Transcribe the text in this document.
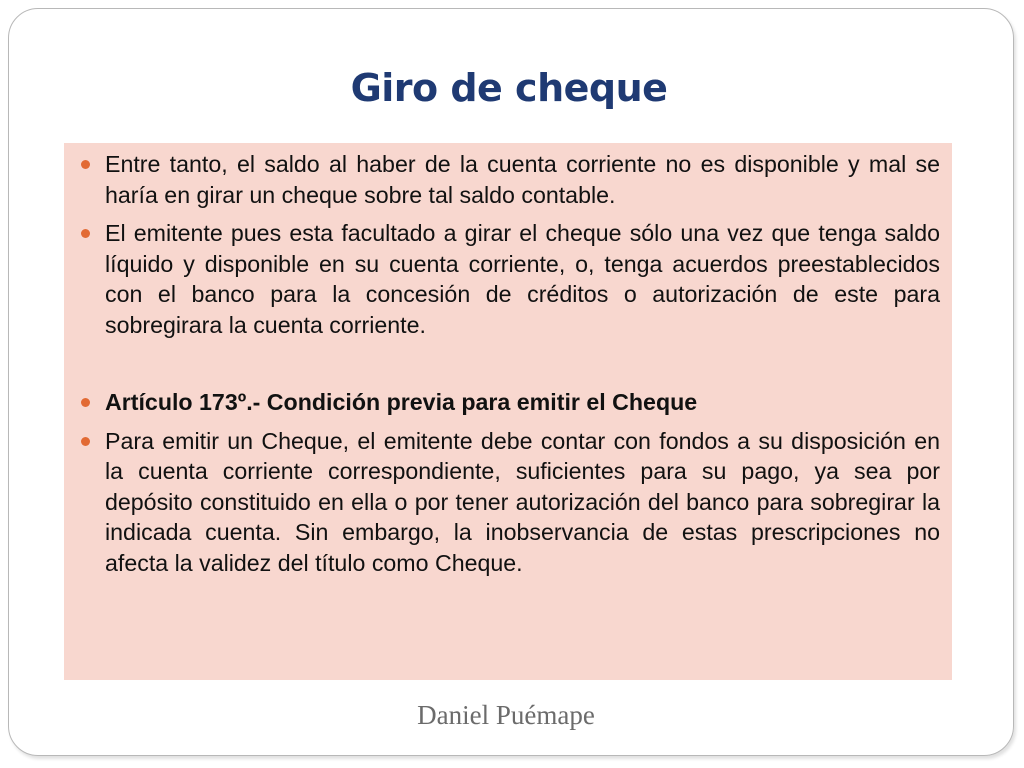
Giro de cheque
Entre tanto, el saldo al haber de la cuenta corriente no es disponible y mal se haría en girar un cheque sobre tal saldo contable.
El emitente pues esta facultado a girar el cheque sólo una vez que tenga saldo líquido y disponible en su cuenta corriente, o, tenga acuerdos preestablecidos con el banco para la concesión de créditos o autorización de este para sobregirara la cuenta corriente.
Artículo 173º.- Condición previa para emitir el Cheque
Para emitir un Cheque, el emitente debe contar con fondos a su disposición en la cuenta corriente correspondiente, suficientes para su pago, ya sea por depósito constituido en ella o por tener autorización del banco para sobregirar la indicada cuenta. Sin embargo, la inobservancia de estas prescripciones no afecta la validez del título como Cheque.

Daniel Puémape
